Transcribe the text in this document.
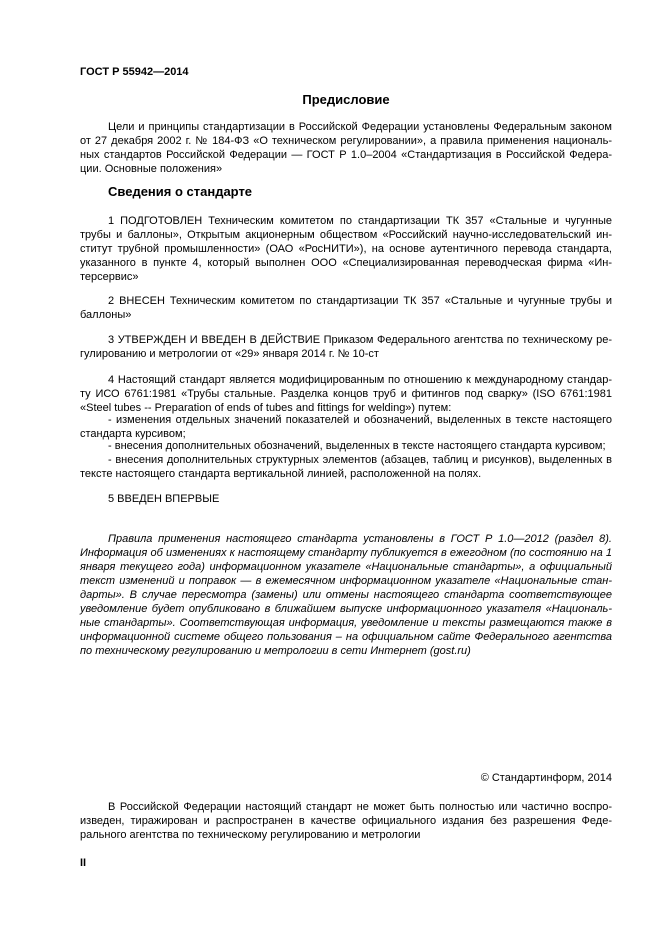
ГОСТ Р 55942—2014
Предисловие
Цели и принципы стандартизации в Российской Федерации установлены Федеральным законом от 27 декабря 2002 г. № 184-ФЗ «О техническом регулировании», а правила применения национальных стандартов Российской Федерации — ГОСТ Р 1.0–2004 «Стандартизация в Российской Федерации. Основные положения»
Сведения о стандарте
1 ПОДГОТОВЛЕН Техническим комитетом по стандартизации ТК 357 «Стальные и чугунные трубы и баллоны», Открытым акционерным обществом «Российский научно-исследовательский институт трубной промышленности» (ОАО «РосНИТИ»), на основе аутентичного перевода стандарта, указанного в пункте 4, который выполнен ООО «Специализированная переводческая фирма «Интерсервис»
2 ВНЕСЕН Техническим комитетом по стандартизации ТК 357 «Стальные и чугунные трубы и баллоны»
3 УТВЕРЖДЕН И ВВЕДЕН В ДЕЙСТВИЕ Приказом Федерального агентства по техническому регулированию и метрологии от «29» января 2014 г. № 10-ст
4 Настоящий стандарт является модифицированным по отношению к международному стандарту ИСО 6761:1981 «Трубы стальные. Разделка концов труб и фитингов под сварку» (ISO 6761:1981 «Steel tubes -- Preparation of ends of tubes and fittings for welding») путем:
- изменения отдельных значений показателей и обозначений, выделенных в тексте настоящего стандарта курсивом;
- внесения дополнительных обозначений, выделенных в тексте настоящего стандарта курсивом;
- внесения дополнительных структурных элементов (абзацев, таблиц и рисунков), выделенных в тексте настоящего стандарта вертикальной линией, расположенной на полях.
5 ВВЕДЕН ВПЕРВЫЕ
Правила применения настоящего стандарта установлены в ГОСТ Р 1.0—2012 (раздел 8). Информация об изменениях к настоящему стандарту публикуется в ежегодном (по состоянию на 1 января текущего года) информационном указателе «Национальные стандарты», а официальный текст изменений и поправок — в ежемесячном информационном указателе «Национальные стандарты». В случае пересмотра (замены) или отмены настоящего стандарта соответствующее уведомление будет опубликовано в ближайшем выпуске информационного указателя «Национальные стандарты». Соответствующая информация, уведомление и тексты размещаются также в информационной системе общего пользования – на официальном сайте Федерального агентства по техническому регулированию и метрологии в сети Интернет (gost.ru)
© Стандартинформ, 2014
В Российской Федерации настоящий стандарт не может быть полностью или частично воспроизведен, тиражирован и распространен в качестве официального издания без разрешения Федерального агентства по техническому регулированию и метрологии
II
